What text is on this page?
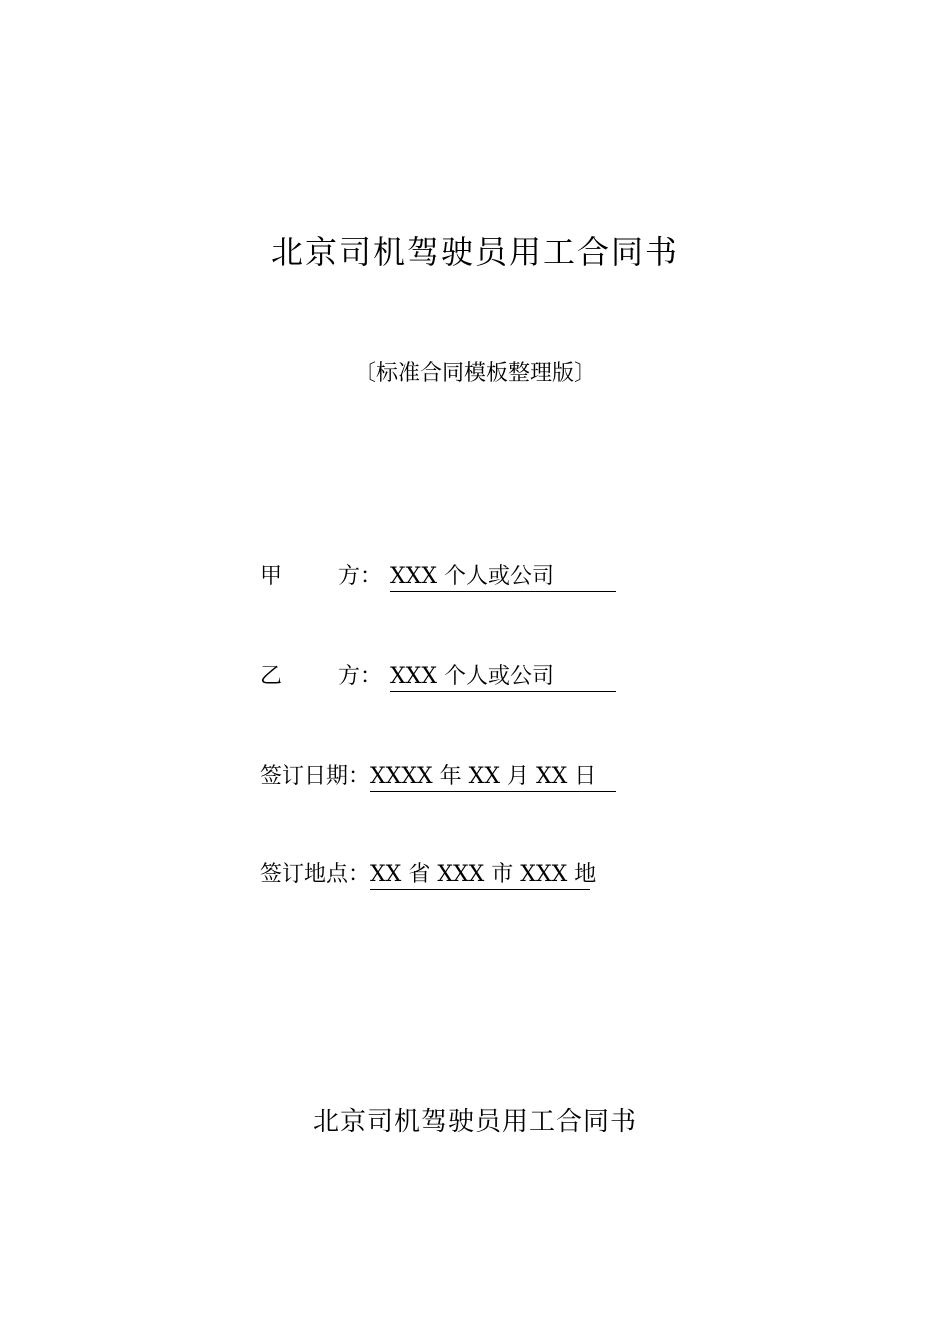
北京司机驾驶员用工合同书
〔标准合同模板整理版〕
甲	方： XXX 个人或公司
乙	方： XXX 个人或公司
签订日期：XXXX 年 XX 月 XX 日
签订地点：XX 省 XXX 市 XXX 地
北京司机驾驶员用工合同书
